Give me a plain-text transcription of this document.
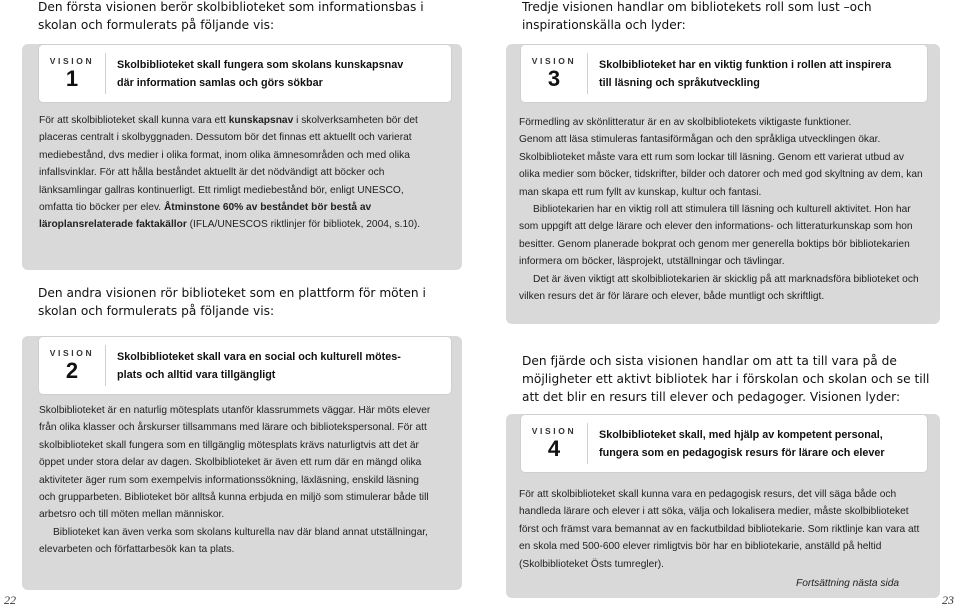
Den första visionen berör skolbiblioteket som informationsbas i skolan och formulerats på följande vis:

VISION
1

Skolbiblioteket skall fungera som skolans kunskapsnav
där information samlas och görs sökbar

För att skolbiblioteket skall kunna vara ett kunskapsnav i skolverksamheten bör det placeras centralt i skolbyggnaden. Dessutom bör det finnas ett aktuellt och varierat mediebestånd, dvs medier i olika format, inom olika ämnesområden och med olika infallsvinklar. För att hålla beståndet aktuellt är det nödvändigt att böcker och länksamlingar gallras kontinuerligt. Ett rimligt mediebestånd bör, enligt UNESCO, omfatta tio böcker per elev. Åtminstone 60% av beståndet bör bestå av läroplansrelaterade faktakällor (IFLA/UNESCOS riktlinjer för bibliotek, 2004, s.10).

Den andra visionen rör biblioteket som en plattform för möten i skolan och formulerats på följande vis:

VISION
2

Skolbiblioteket skall vara en social och kulturell mötes-
plats och alltid vara tillgängligt

Skolbiblioteket är en naturlig mötesplats utanför klassrummets väggar. Här möts elever från olika klasser och årskurser tillsammans med lärare och bibliotekspersonal. För att skolbiblioteket skall fungera som en tillgänglig mötesplats krävs naturligtvis att det är öppet under stora delar av dagen. Skolbiblioteket är även ett rum där en mängd olika aktiviteter äger rum som exempelvis informationssökning, läxläsning, enskild läsning och grupparbeten. Biblioteket bör alltså kunna erbjuda en miljö som stimulerar både till arbetsro och till möten mellan människor.

Biblioteket kan även verka som skolans kulturella nav där bland annat utställningar, elevarbeten och författarbesök kan ta plats.

22

Tredje visionen handlar om bibliotekets roll som lust –och inspirationskälla och lyder:

VISION
3

Skolbiblioteket har en viktig funktion i rollen att inspirera
till läsning och språkutveckling

Förmedling av skönlitteratur är en av skolbibliotekets viktigaste funktioner.

Genom att läsa stimuleras fantasiförmågan och den språkliga utvecklingen ökar.

Skolbiblioteket måste vara ett rum som lockar till läsning. Genom ett varierat utbud av olika medier som böcker, tidskrifter, bilder och datorer och med god skyltning av dem, kan man skapa ett rum fyllt av kunskap, kultur och fantasi.

Bibliotekarien har en viktig roll att stimulera till läsning och kulturell aktivitet. Hon har som uppgift att delge lärare och elever den informations- och litteraturkunskap som hon besitter. Genom planerade bokprat och genom mer generella boktips bör bibliotekarien informera om böcker, läsprojekt, utställningar och tävlingar.

Det är även viktigt att skolbibliotekarien är skicklig på att marknadsföra biblioteket och vilken resurs det är för lärare och elever, både muntligt och skriftligt.

Den fjärde och sista visionen handlar om att ta till vara på de möjligheter ett aktivt bibliotek har i förskolan och skolan och se till att det blir en resurs till elever och pedagoger. Visionen lyder:

VISION
4

Skolbiblioteket skall, med hjälp av kompetent personal,
fungera som en pedagogisk resurs för lärare och elever

För att skolbiblioteket skall kunna vara en pedagogisk resurs, det vill säga både och handleda lärare och elever i att söka, välja och lokalisera medier, måste skolbiblioteket först och främst vara bemannat av en fackutbildad bibliotekarie. Som riktlinje kan vara att en skola med 500-600 elever rimligtvis bör har en bibliotekarie, anställd på heltid (Skolbiblioteket Östs tumregler).

Fortsättning nästa sida
23
